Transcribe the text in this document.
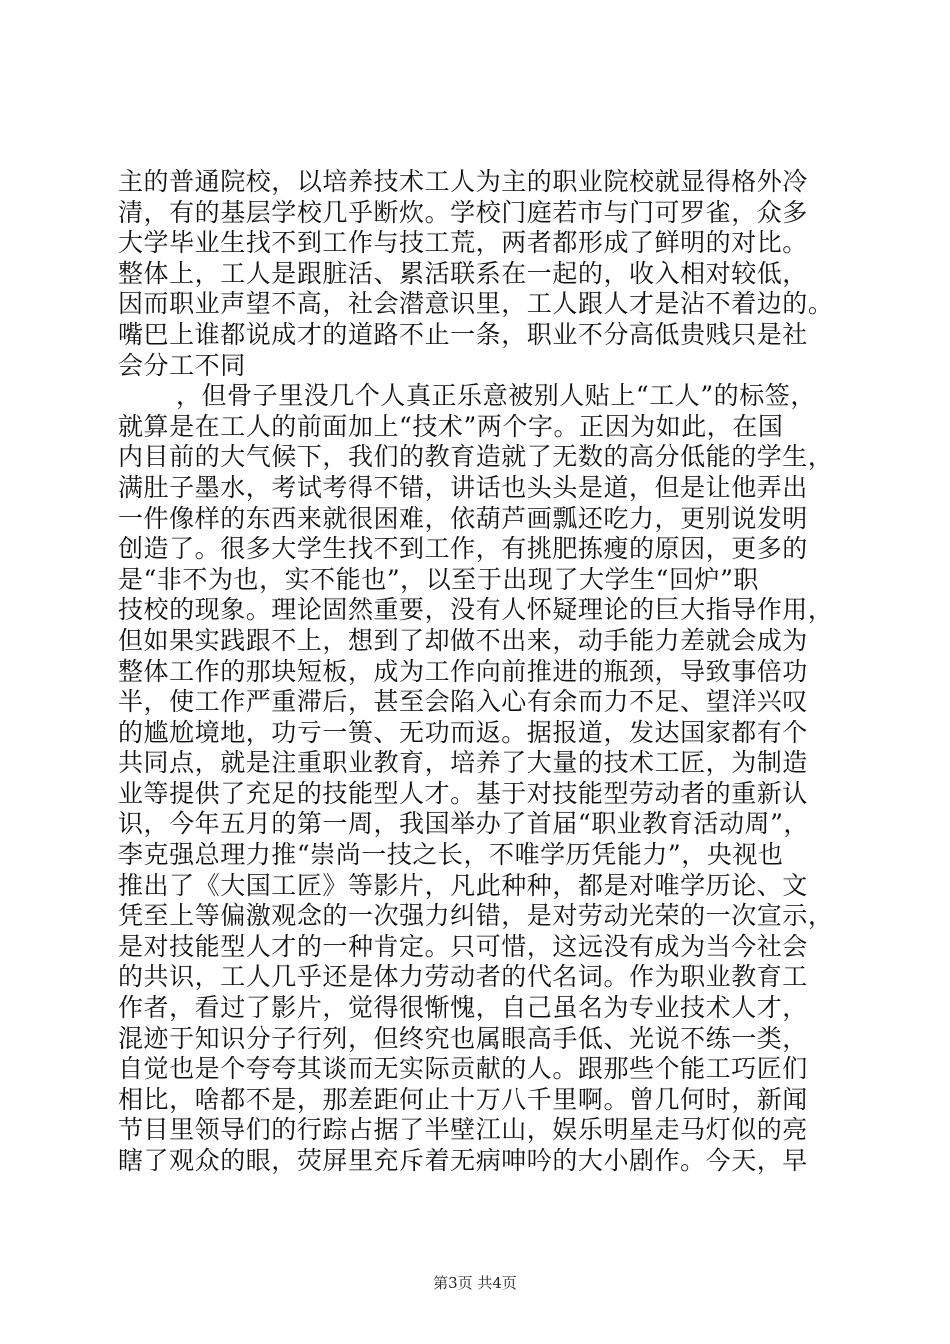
主的普通院校，以培养技术工人为主的职业院校就显得格外冷
清，有的基层学校几乎断炊。学校门庭若市与门可罗雀，众多
大学毕业生找不到工作与技工荒，两者都形成了鲜明的对比。
整体上，工人是跟脏活、累活联系在一起的，收入相对较低，
因而职业声望不高，社会潜意识里，工人跟人才是沾不着边的。
嘴巴上谁都说成才的道路不止一条，职业不分高低贵贱只是社
会分工不同
，但骨子里没几个人真正乐意被别人贴上“工人”的标签，
就算是在工人的前面加上“技术”两个字。正因为如此，在国
内目前的大气候下，我们的教育造就了无数的高分低能的学生，
满肚子墨水，考试考得不错，讲话也头头是道，但是让他弄出
一件像样的东西来就很困难，依葫芦画瓢还吃力，更别说发明
创造了。很多大学生找不到工作，有挑肥拣瘦的原因，更多的
是“非不为也，实不能也”，以至于出现了大学生“回炉”职
技校的现象。理论固然重要，没有人怀疑理论的巨大指导作用，
但如果实践跟不上，想到了却做不出来，动手能力差就会成为
整体工作的那块短板，成为工作向前推进的瓶颈，导致事倍功
半，使工作严重滞后，甚至会陷入心有余而力不足、望洋兴叹
的尴尬境地，功亏一篑、无功而返。据报道，发达国家都有个
共同点，就是注重职业教育，培养了大量的技术工匠，为制造
业等提供了充足的技能型人才。基于对技能型劳动者的重新认
识，今年五月的第一周，我国举办了首届“职业教育活动周”，
李克强总理力推“崇尚一技之长，不唯学历凭能力”，央视也
推出了《大国工匠》等影片，凡此种种，都是对唯学历论、文
凭至上等偏激观念的一次强力纠错，是对劳动光荣的一次宣示，
是对技能型人才的一种肯定。只可惜，这远没有成为当今社会
的共识，工人几乎还是体力劳动者的代名词。作为职业教育工
作者，看过了影片，觉得很惭愧，自己虽名为专业技术人才，
混迹于知识分子行列，但终究也属眼高手低、光说不练一类，
自觉也是个夸夸其谈而无实际贡献的人。跟那些个能工巧匠们
相比，啥都不是，那差距何止十万八千里啊。曾几何时，新闻
节目里领导们的行踪占据了半壁江山，娱乐明星走马灯似的亮
瞎了观众的眼，荧屏里充斥着无病呻吟的大小剧作。今天，早
第3页 共4页
